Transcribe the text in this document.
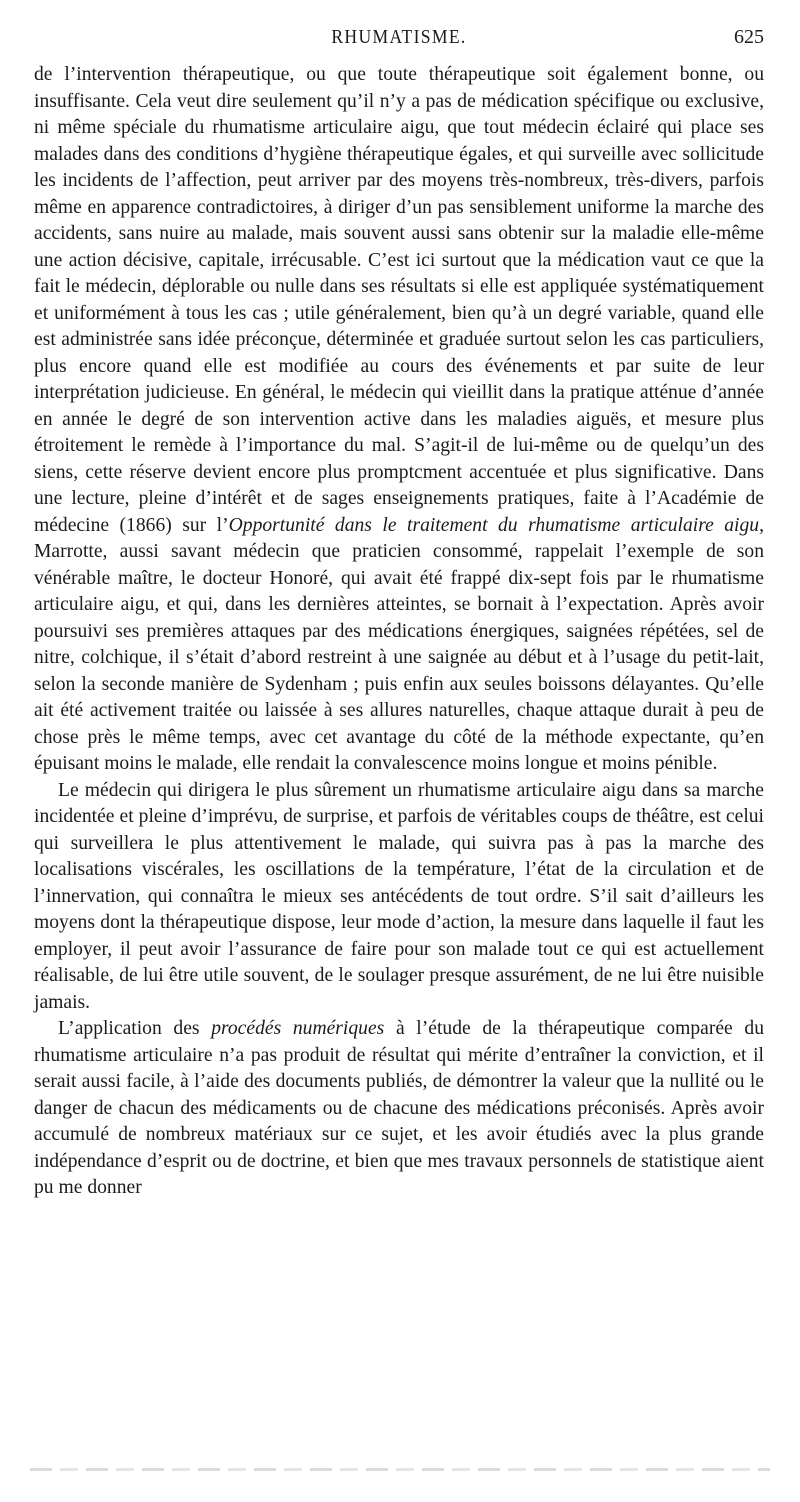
RHUMATISME.	625

de l’intervention thérapeutique, ou que toute thérapeutique soit également bonne, ou insuffisante. Cela veut dire seulement qu’il n’y a pas de médication spécifique ou exclusive, ni même spéciale du rhumatisme articulaire aigu, que tout médecin éclairé qui place ses malades dans des conditions d’hygiène thérapeutique égales, et qui surveille avec sollicitude les incidents de l’affection, peut arriver par des moyens très-nombreux, très-divers, parfois même en apparence contradictoires, à diriger d’un pas sensiblement uniforme la marche des accidents, sans nuire au malade, mais souvent aussi sans obtenir sur la maladie elle-même une action décisive, capitale, irrécusable. C’est ici surtout que la médication vaut ce que la fait le médecin, déplorable ou nulle dans ses résultats si elle est appliquée systématiquement et uniformément à tous les cas ; utile généralement, bien qu’à un degré variable, quand elle est administrée sans idée préconçue, déterminée et graduée surtout selon les cas particuliers, plus encore quand elle est modifiée au cours des événements et par suite de leur interprétation judicieuse. En général, le médecin qui vieillit dans la pratique atténue d’année en année le degré de son intervention active dans les maladies aiguës, et mesure plus étroitement le remède à l’importance du mal. S’agit-il de lui-même ou de quelqu’un des siens, cette réserve devient encore plus promptcment accentuée et plus significative. Dans une lecture, pleine d’intérêt et de sages enseignements pratiques, faite à l’Académie de médecine (1866) sur l’Opportunité dans le traitement du rhumatisme articulaire aigu, Marrotte, aussi savant médecin que praticien consommé, rappelait l’exemple de son vénérable maître, le docteur Honoré, qui avait été frappé dix-sept fois par le rhumatisme articulaire aigu, et qui, dans les dernières atteintes, se bornait à l’expectation. Après avoir poursuivi ses premières attaques par des médications énergiques, saignées répétées, sel de nitre, colchique, il s’était d’abord restreint à une saignée au début et à l’usage du petit-lait, selon la seconde manière de Sydenham ; puis enfin aux seules boissons délayantes. Qu’elle ait été activement traitée ou laissée à ses allures naturelles, chaque attaque durait à peu de chose près le même temps, avec cet avantage du côté de la méthode expectante, qu’en épuisant moins le malade, elle rendait la convalescence moins longue et moins pénible.

Le médecin qui dirigera le plus sûrement un rhumatisme articulaire aigu dans sa marche incidentée et pleine d’imprévu, de surprise, et parfois de véritables coups de théâtre, est celui qui surveillera le plus attentivement le malade, qui suivra pas à pas la marche des localisations viscérales, les oscillations de la température, l’état de la circulation et de l’innervation, qui connaîtra le mieux ses antécédents de tout ordre. S’il sait d’ailleurs les moyens dont la thérapeutique dispose, leur mode d’action, la mesure dans laquelle il faut les employer, il peut avoir l’assurance de faire pour son malade tout ce qui est actuellement réalisable, de lui être utile souvent, de le soulager presque assurément, de ne lui être nuisible jamais.

L’application des procédés numériques à l’étude de la thérapeutique comparée du rhumatisme articulaire n’a pas produit de résultat qui mérite d’entraîner la conviction, et il serait aussi facile, à l’aide des documents publiés, de démontrer la valeur que la nullité ou le danger de chacun des médicaments ou de chacune des médications préconisés. Après avoir accumulé de nombreux matériaux sur ce sujet, et les avoir étudiés avec la plus grande indépendance d’esprit ou de doctrine, et bien que mes travaux personnels de statistique aient pu me donner
